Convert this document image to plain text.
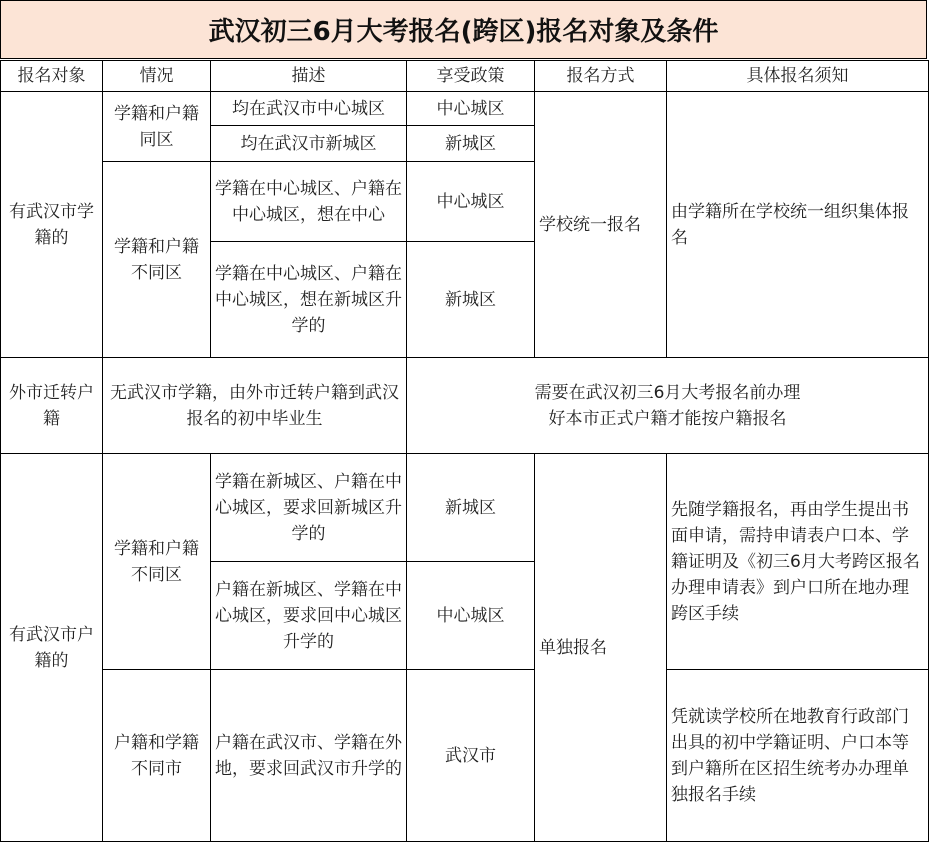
武汉初三6月大考报名(跨区)报名对象及条件
报名对象	情况	描述	享受政策	报名方式	具体报名须知
有武汉市学籍的	学籍和户籍同区	均在武汉市中心城区	中心城区	学校统一报名	由学籍所在学校统一组织集体报名
		均在武汉市新城区	新城区		
	学籍和户籍不同区	学籍在中心城区、户籍在中心城区，想在中心	中心城区		
		学籍在中心城区、户籍在中心城区，想在新城区升学的	新城区		
外市迁转户籍	无武汉市学籍，由外市迁转户籍到武汉报名的初中毕业生		需要在武汉初三6月大考报名前办理
好本市正式户籍才能按户籍报名		

有武汉市户籍的	学籍和户籍不同区	学籍在新城区、户籍在中心城区，要求回新城区升学的	新城区	单独报名	先随学籍报名，再由学生提出书面申请，需持申请表户口本、学籍证明及《初三6月大考跨区报名办理申请表》到户口所在地办理跨区手续
		户籍在新城区、学籍在中心城区，要求回中心城区升学的	中心城区		
	户籍和学籍不同市	户籍在武汉市、学籍在外地，要求回武汉市升学的	武汉市		凭就读学校所在地教育行政部门出具的初中学籍证明、户口本等到户籍所在区招生统考办办理单独报名手续
